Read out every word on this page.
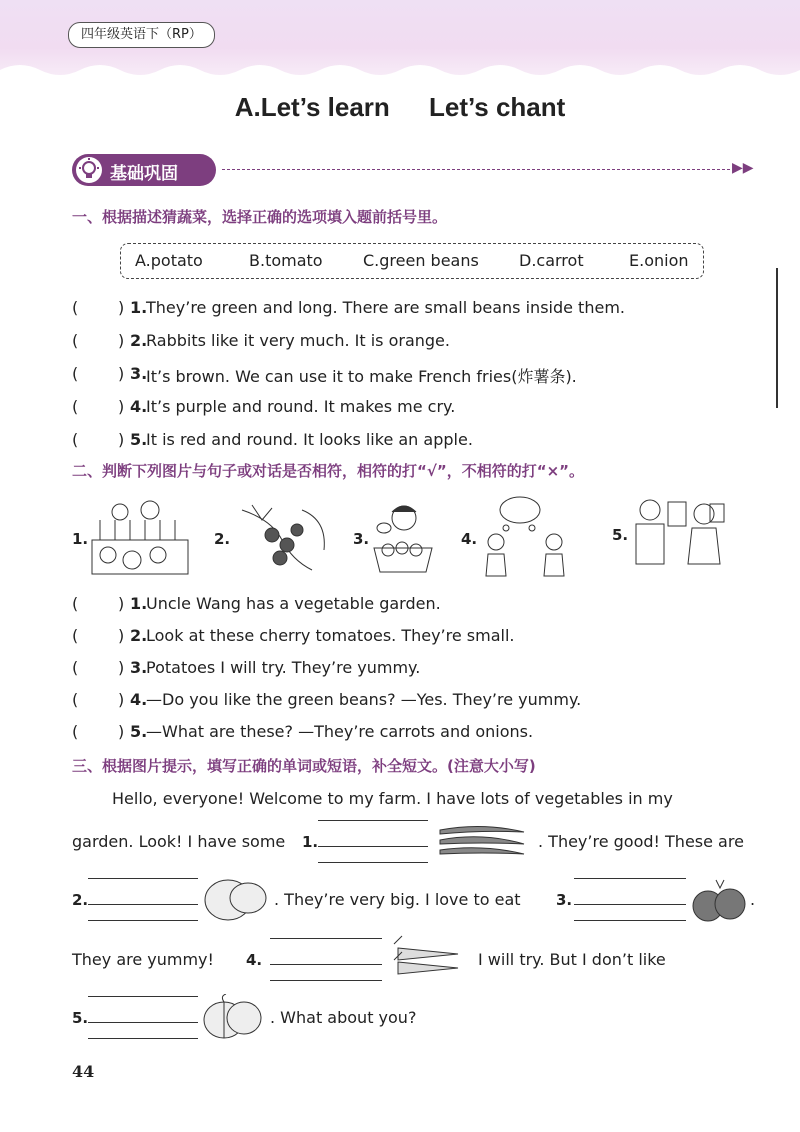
四年级英语下（RP）
A.Let’s learn Let’s chant
基础巩固	▶▶
一、根据描述猜蔬菜，选择正确的选项填入题前括号里。
A.potato	B.tomato	C.green beans	D.carrot	E.onion
( ) 1.
They’re green and long. There are small beans inside them.
( ) 2.
Rabbits like it very much. It is orange.
( ) 3.
It’s brown. We can use it to make French fries(炸薯条).
( ) 4.
It’s purple and round. It makes me cry.
( ) 5.
It is red and round. It looks like an apple.
二、判断下列图片与句子或对话是否相符，相符的打“√”，不相符的打“×”。
1.	2.	3.	4.	5.
( ) 1.
Uncle Wang has a vegetable garden.
( ) 2.
Look at these cherry tomatoes. They’re small.
( ) 3.
Potatoes I will try. They’re yummy.
( ) 4.
—Do you like the green beans? —Yes. They’re yummy.
( ) 5.
—What are these? —They’re carrots and onions.
三、根据图片提示，填写正确的单词或短语，补全短文。(注意大小写)
Hello, everyone! Welcome to my farm. I have lots of vegetables in my
garden. Look! I have some 1.	. They’re good! These are
2.	. They’re very big. I love to eat 3.	.
They are yummy! 4.	I will try. But I don’t like
5.	. What about you?
44
